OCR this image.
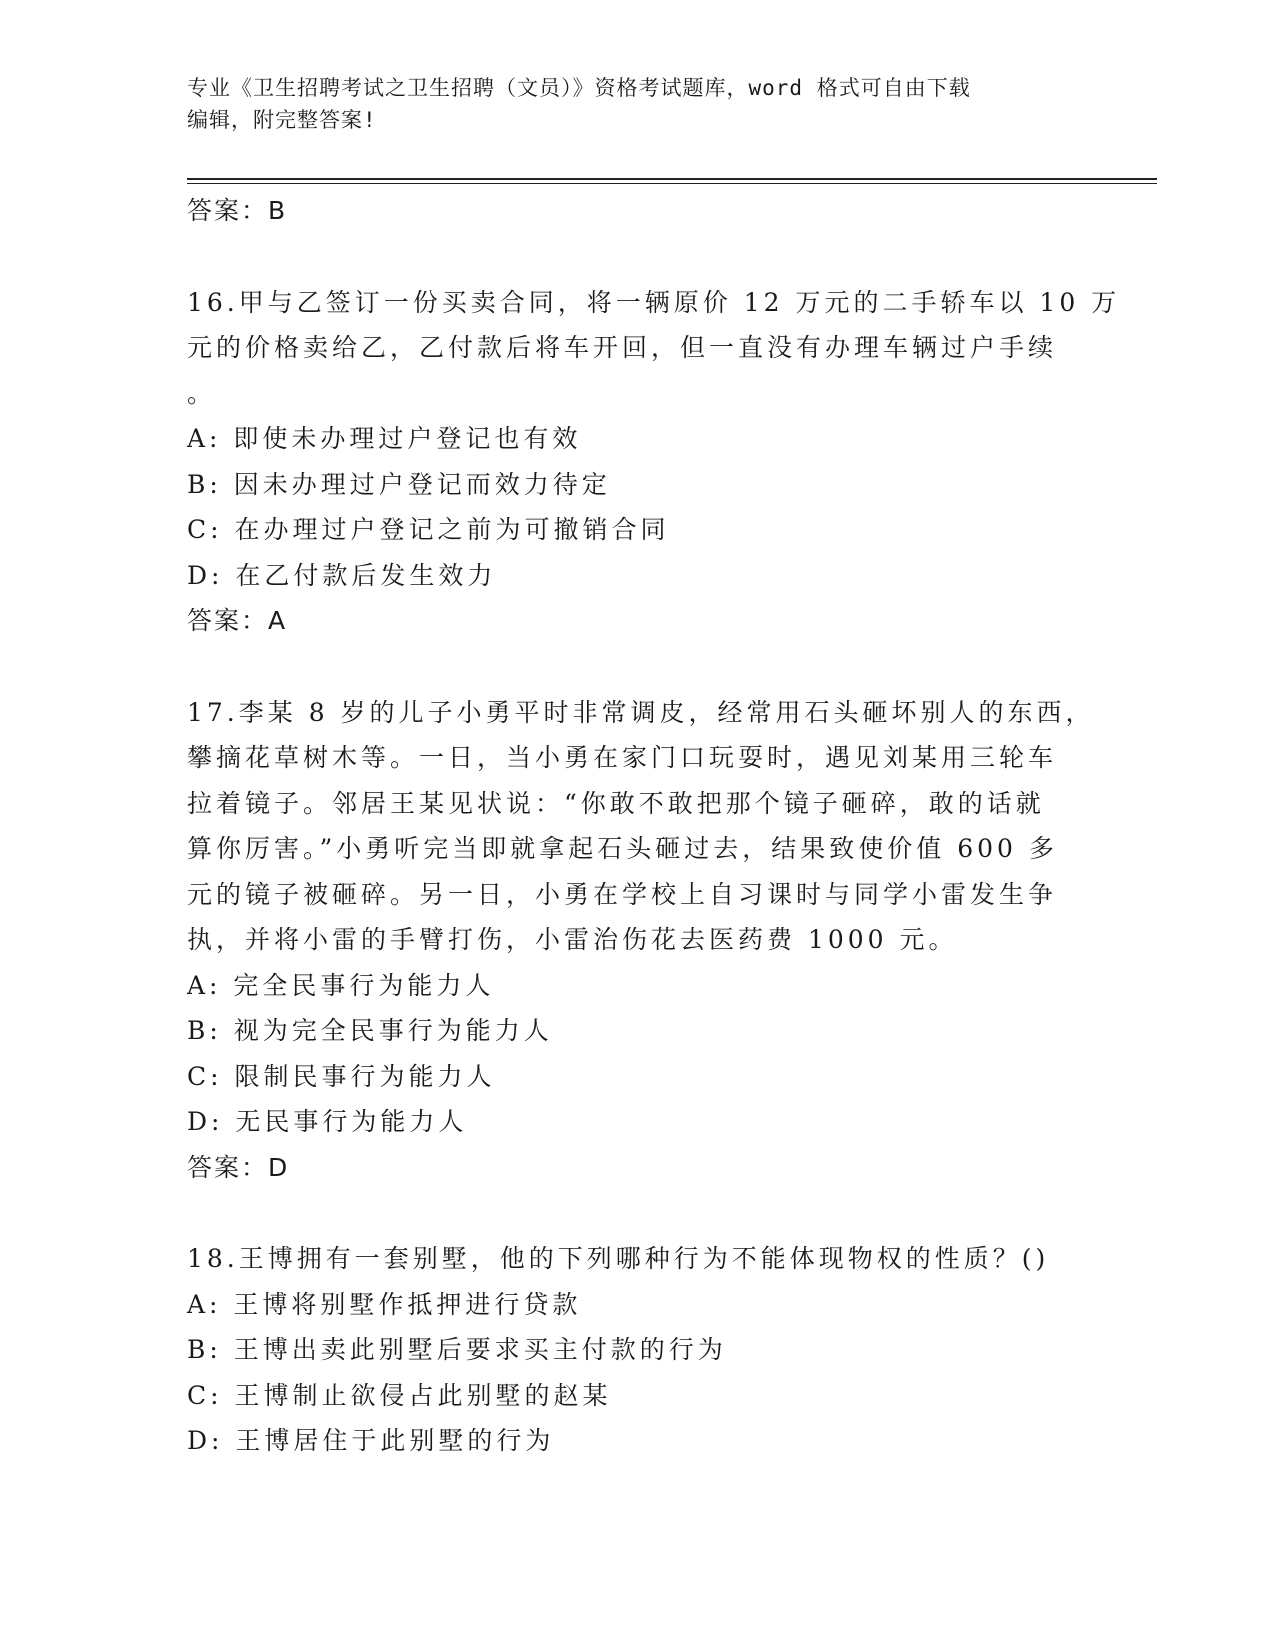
专业《卫生招聘考试之卫生招聘（文员）》资格考试题库，word 格式可自由下载
编辑，附完整答案!
答案：B
16.甲与乙签订一份买卖合同，将一辆原价 12 万元的二手轿车以 10 万
元的价格卖给乙，乙付款后将车开回，但一直没有办理车辆过户手续
。
A: 即使未办理过户登记也有效
B: 因未办理过户登记而效力待定
C: 在办理过户登记之前为可撤销合同
D: 在乙付款后发生效力
答案：A
17.李某 8 岁的儿子小勇平时非常调皮，经常用石头砸坏别人的东西，
攀摘花草树木等。一日，当小勇在家门口玩耍时，遇见刘某用三轮车
拉着镜子。邻居王某见状说：“你敢不敢把那个镜子砸碎，敢的话就
算你厉害。”小勇听完当即就拿起石头砸过去，结果致使价值 600 多
元的镜子被砸碎。另一日，小勇在学校上自习课时与同学小雷发生争
执，并将小雷的手臂打伤，小雷治伤花去医药费 1000 元。
A: 完全民事行为能力人
B: 视为完全民事行为能力人
C: 限制民事行为能力人
D: 无民事行为能力人
答案：D
18.王博拥有一套别墅，他的下列哪种行为不能体现物权的性质？()
A: 王博将别墅作抵押进行贷款
B: 王博出卖此别墅后要求买主付款的行为
C: 王博制止欲侵占此别墅的赵某
D: 王博居住于此别墅的行为
